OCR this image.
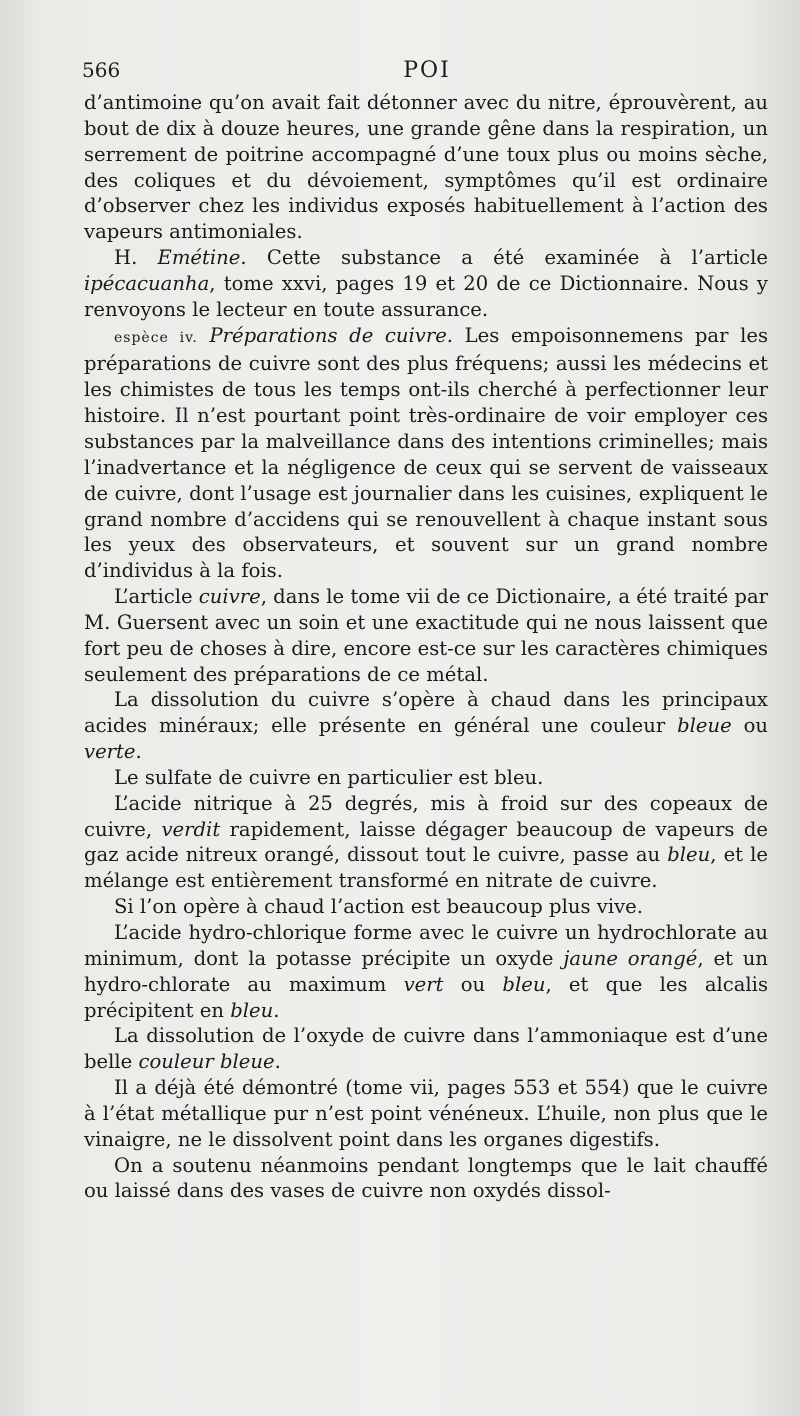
566	POI

d’antimoine qu’on avait fait détonner avec du nitre, éprouvèrent, au bout de dix à douze heures, une grande gêne dans la respiration, un serrement de poitrine accompagné d’une toux plus ou moins sèche, des coliques et du dévoiement, symptômes qu’il est ordinaire d’observer chez les individus exposés habituellement à l’action des vapeurs antimoniales.

H. Emétine. Cette substance a été examinée à l’article ipécacuanha, tome xxvi, pages 19 et 20 de ce Dictionnaire. Nous y renvoyons le lecteur en toute assurance.

espèce iv. Préparations de cuivre. Les empoisonnemens par les préparations de cuivre sont des plus fréquens; aussi les médecins et les chimistes de tous les temps ont-ils cherché à perfectionner leur histoire. Il n’est pourtant point très-ordinaire de voir employer ces substances par la malveillance dans des intentions criminelles; mais l’inadvertance et la négligence de ceux qui se servent de vaisseaux de cuivre, dont l’usage est journalier dans les cuisines, expliquent le grand nombre d’accidens qui se renouvellent à chaque instant sous les yeux des observateurs, et souvent sur un grand nombre d’individus à la fois.

L’article cuivre, dans le tome vii de ce Dictionaire, a été traité par M. Guersent avec un soin et une exactitude qui ne nous laissent que fort peu de choses à dire, encore est-ce sur les caractères chimiques seulement des préparations de ce métal.

La dissolution du cuivre s’opère à chaud dans les principaux acides minéraux; elle présente en général une couleur bleue ou verte.

Le sulfate de cuivre en particulier est bleu.

L’acide nitrique à 25 degrés, mis à froid sur des copeaux de cuivre, verdit rapidement, laisse dégager beaucoup de vapeurs de gaz acide nitreux orangé, dissout tout le cuivre, passe au bleu, et le mélange est entièrement transformé en nitrate de cuivre.

Si l’on opère à chaud l’action est beaucoup plus vive.

L’acide hydro-chlorique forme avec le cuivre un hydrochlorate au minimum, dont la potasse précipite un oxyde jaune orangé, et un hydro-chlorate au maximum vert ou bleu, et que les alcalis précipitent en bleu.

La dissolution de l’oxyde de cuivre dans l’ammoniaque est d’une belle couleur bleue.

Il a déjà été démontré (tome vii, pages 553 et 554) que le cuivre à l’état métallique pur n’est point vénéneux. L’huile, non plus que le vinaigre, ne le dissolvent point dans les organes digestifs.

On a soutenu néanmoins pendant longtemps que le lait chauffé ou laissé dans des vases de cuivre non oxydés dissol-
